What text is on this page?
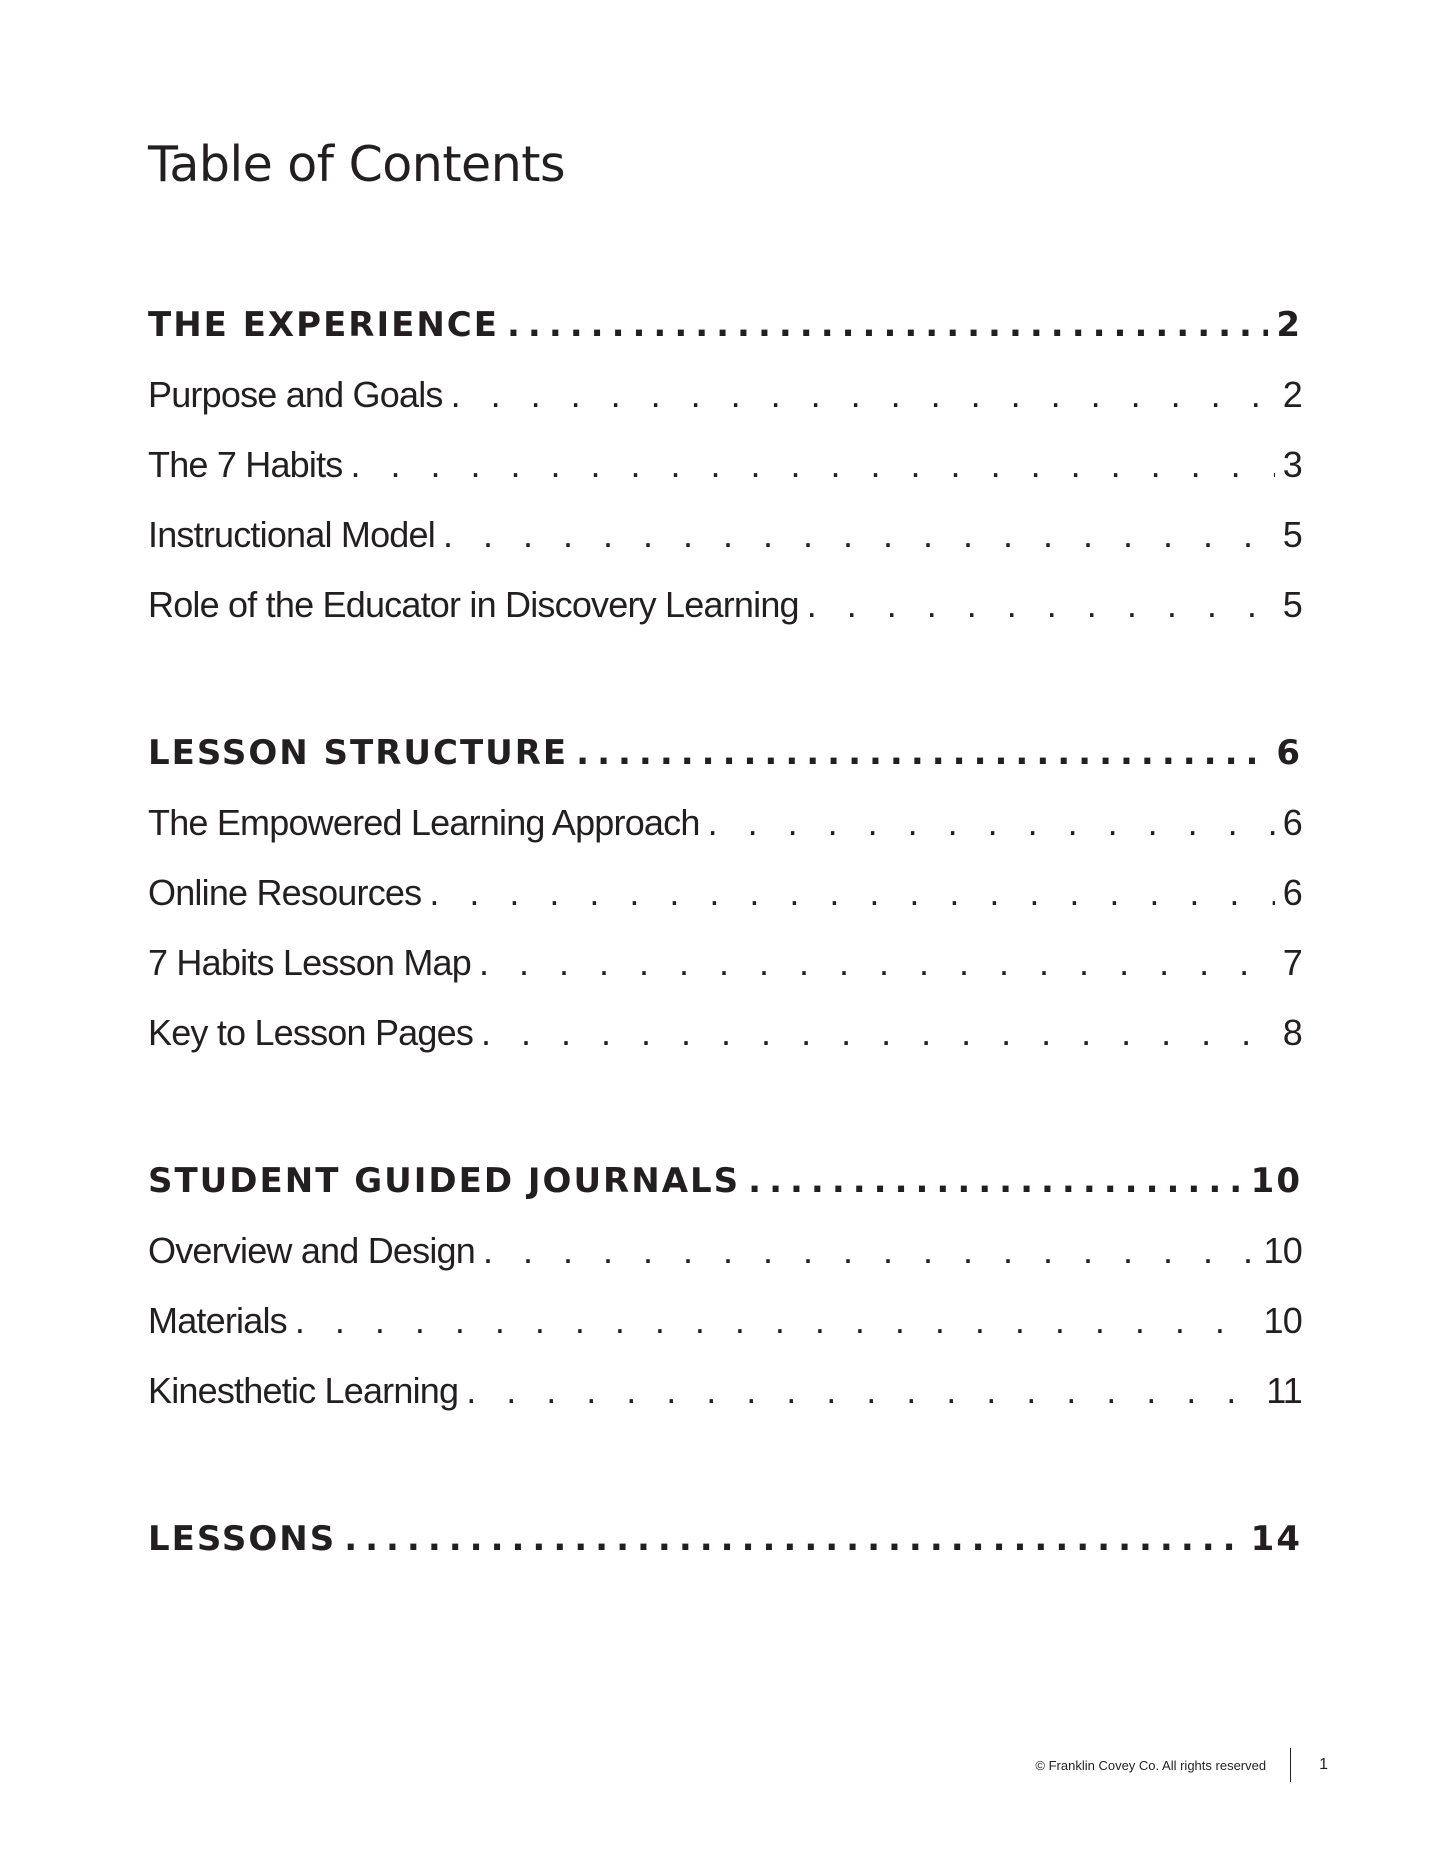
Table of Contents
THE EXPERIENCE .....	2
Purpose and Goals . . .	2
The 7 Habits . . .	3
Instructional Model . . .	5
Role of the Educator in Discovery Learning . . .	5
LESSON STRUCTURE .....	6
The Empowered Learning Approach . . .	6
Online Resources . . .	6
7 Habits Lesson Map . . .	7
Key to Lesson Pages . . .	8
STUDENT GUIDED JOURNALS .....	10
Overview and Design . . .	10
Materials . . .	10
Kinesthetic Learning . . .	11
LESSONS .....	14
© Franklin Covey Co. All rights reserved	1
